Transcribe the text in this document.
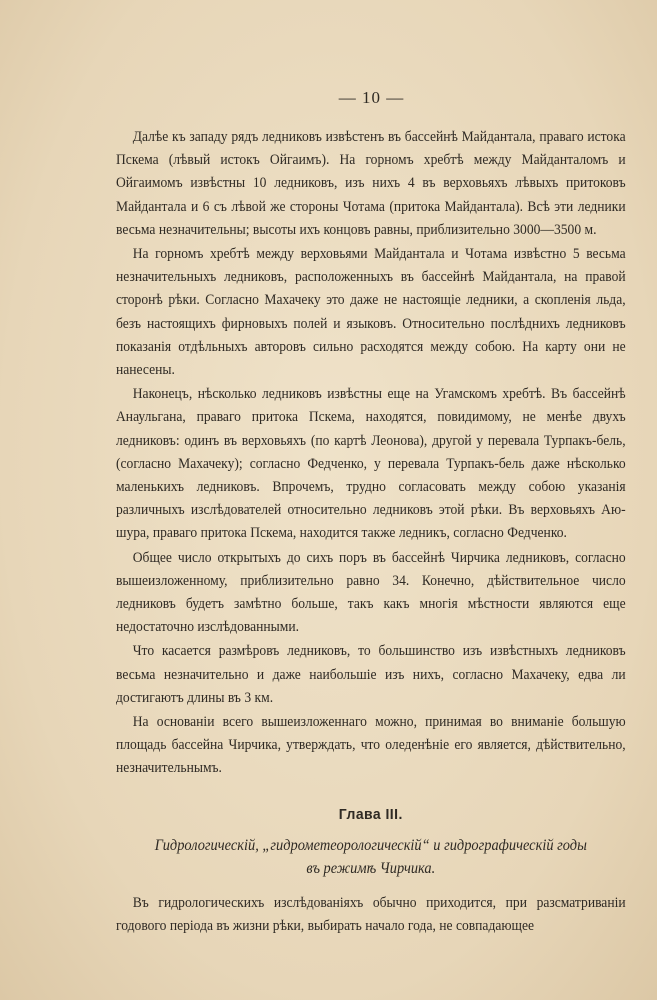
— 10 —

Далѣе къ западу рядъ ледниковъ извѣстенъ въ бассейнѣ Майдантала, праваго истока Пскема (лѣвый истокъ Ойгаимъ). На горномъ хребтѣ между Майданталомъ и Ойгаимомъ извѣстны 10 ледниковъ, изъ нихъ 4 въ верховьяхъ лѣвыхъ притоковъ Майдантала и 6 съ лѣвой же стороны Чотама (притока Майдантала). Всѣ эти ледники весьма незначительны; высоты ихъ концовъ равны, приблизительно 3000—3500 м.

На горномъ хребтѣ между верховьями Майдантала и Чотама извѣстно 5 весьма незначительныхъ ледниковъ, расположенныхъ въ бассейнѣ Майдантала, на правой сторонѣ рѣки. Согласно Махачеку это даже не настоящіе ледники, а скопленія льда, безъ настоящихъ фирновыхъ полей и языковъ. Относительно послѣднихъ ледниковъ показанія отдѣльныхъ авторовъ сильно расходятся между собою. На карту они не нанесены.

Наконецъ, нѣсколько ледниковъ извѣстны еще на Угамскомъ хребтѣ. Въ бассейнѣ Анаульгана, праваго притока Пскема, находятся, повидимому, не менѣе двухъ ледниковъ: одинъ въ верховьяхъ (по картѣ Леонова), другой у перевала Турпакъ-бель, (согласно Махачеку); согласно Федченко, у перевала Турпакъ-бель даже нѣсколько маленькихъ ледниковъ. Впрочемъ, трудно согласовать между собою указанія различныхъ изслѣдователей относительно ледниковъ этой рѣки. Въ верховьяхъ Аю-шура, праваго притока Пскема, находится также ледникъ, согласно Федченко.

Общее число открытыхъ до сихъ поръ въ бассейнѣ Чирчика ледниковъ, согласно вышеизложенному, приблизительно равно 34. Конечно, дѣйствительное число ледниковъ будетъ замѣтно больше, такъ какъ многія мѣстности являются еще недостаточно изслѣдованными.

Что касается размѣровъ ледниковъ, то большинство изъ извѣстныхъ ледниковъ весьма незначительно и даже наибольшіе изъ нихъ, согласно Махачеку, едва ли достигаютъ длины въ 3 км.

На основаніи всего вышеизложеннаго можно, принимая во вниманіе большую площадь бассейна Чирчика, утверждать, что оледенѣніе его является, дѣйствительно, незначительнымъ.

Глава III.
Гидрологическій, „гидрометеорологическій“ и гидрографическій годы
въ режимѣ Чирчика.

Въ гидрологическихъ изслѣдованіяхъ обычно приходится, при разсматриваніи годового періода въ жизни рѣки, выбирать начало года, не совпадающее
